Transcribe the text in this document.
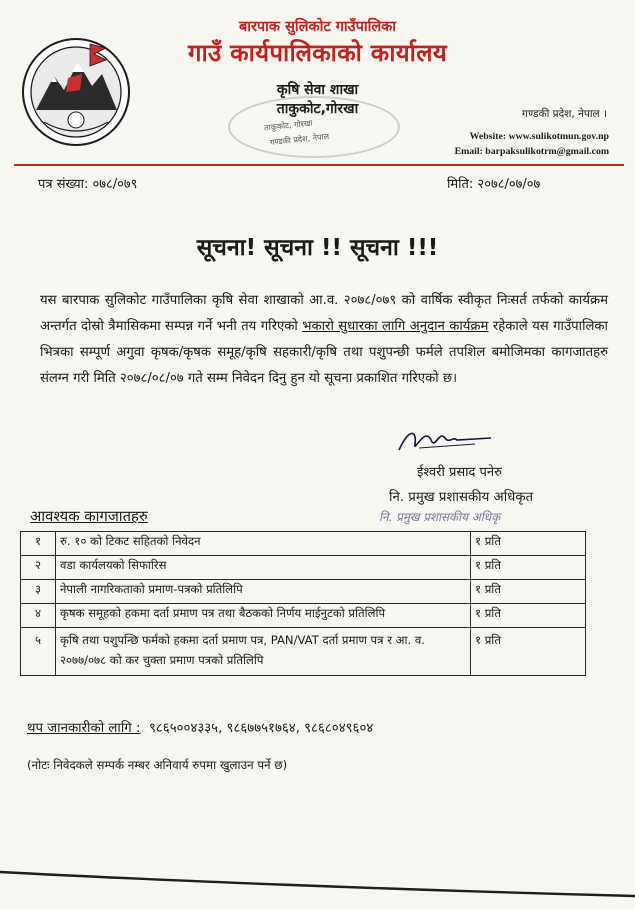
बारपाक सुलिकोट गाउँपालिका
गाउँ कार्यपालिकाको कार्यालय
कृषि सेवा शाखा
ताकुकोट,गोरखा
ताकुकोट, गोरखा
गण्डकी प्रदेश, नेपाल
गण्डकी प्रदेश, नेपाल ।
Website: www.sulikotmun.gov.np
Email: barpaksulikotrm@gmail.com
पत्र संख्या: ०७८/०७९	मिति: २०७८/०७/०७
सूचना! सूचना !! सूचना !!!
यस बारपाक सुलिकोट गाउँपालिका कृषि सेवा शाखाको आ.व. २०७८/०७९ को वार्षिक स्वीकृत निःसर्त तर्फको कार्यक्रम अन्तर्गत दोस्रो त्रैमासिकमा सम्पन्न गर्ने भनी तय गरिएको भकारो सुधारका लागि अनुदान कार्यक्रम रहेकाले यस गाउँपालिका भित्रका सम्पूर्ण अगुवा कृषक/कृषक समूह/कृषि सहकारी/कृषि तथा पशुपन्छी फर्मले तपशिल बमोजिमका कागजातहरु संलग्न गरी मिति २०७८/०८/०७ गते सम्म निवेदन दिनु हुन यो सूचना प्रकाशित गरिएको छ।
ईश्वरी प्रसाद पनेरु
नि. प्रमुख प्रशासकीय अधिकृत
नि. प्रमुख प्रशासकीय अधिकृ
आवश्यक कागजातहरु
१	रु. १० को टिकट सहितको निवेदन	१ प्रति
२	वडा कार्यलयको सिफारिस	१ प्रति
३	नेपाली नागरिकताको प्रमाण-पत्रको प्रतिलिपि	१ प्रति
४	कृषक समूहको हकमा दर्ता प्रमाण पत्र तथा बैठकको निर्णय माईनुटको प्रतिलिपि	१ प्रति
५	कृषि तथा पशुपन्छि फर्मको हकमा दर्ता प्रमाण पत्र, PAN/VAT दर्ता प्रमाण पत्र र आ. व. २०७७/०७८ को कर चुक्ता प्रमाण पत्रको प्रतिलिपि	१ प्रति
थप जानकारीको लागि : ९८६५००४३३५, ९८६७७५१७६४, ९८६८०४९६०४
(नोटः निवेदकले सम्पर्क नम्बर अनिवार्य रुपमा खुलाउन पर्ने छ)
